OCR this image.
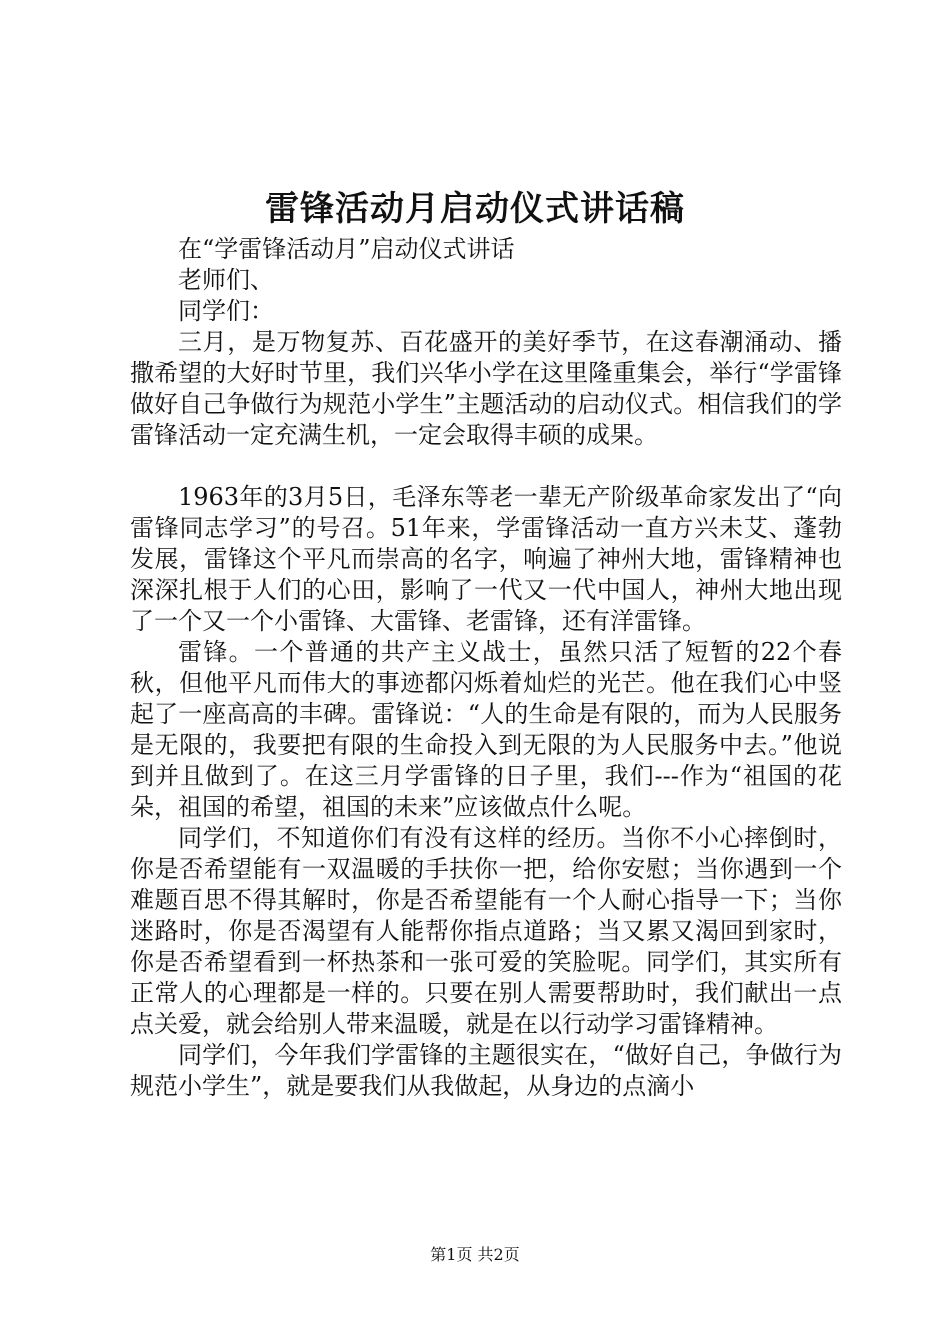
雷锋活动月启动仪式讲话稿

在“学雷锋活动月”启动仪式讲话

老师们、

同学们：

三月，是万物复苏、百花盛开的美好季节，在这春潮涌动、播撒希望的大好时节里，我们兴华小学在这里隆重集会，举行“学雷锋做好自己争做行为规范小学生”主题活动的启动仪式。相信我们的学雷锋活动一定充满生机，一定会取得丰硕的成果。

1963年的3月5日，毛泽东等老一辈无产阶级革命家发出了“向雷锋同志学习”的号召。51年来，学雷锋活动一直方兴未艾、蓬勃发展，雷锋这个平凡而崇高的名字，响遍了神州大地，雷锋精神也深深扎根于人们的心田，影响了一代又一代中国人，神州大地出现了一个又一个小雷锋、大雷锋、老雷锋，还有洋雷锋。

雷锋。一个普通的共产主义战士，虽然只活了短暂的22个春秋，但他平凡而伟大的事迹都闪烁着灿烂的光芒。他在我们心中竖起了一座高高的丰碑。雷锋说：“人的生命是有限的，而为人民服务是无限的，我要把有限的生命投入到无限的为人民服务中去。”他说到并且做到了。在这三月学雷锋的日子里，我们---作为“祖国的花朵，祖国的希望，祖国的未来”应该做点什么呢。

同学们，不知道你们有没有这样的经历。当你不小心摔倒时，你是否希望能有一双温暖的手扶你一把，给你安慰；当你遇到一个难题百思不得其解时，你是否希望能有一个人耐心指导一下；当你迷路时，你是否渴望有人能帮你指点道路；当又累又渴回到家时，你是否希望看到一杯热茶和一张可爱的笑脸呢。同学们，其实所有正常人的心理都是一样的。只要在别人需要帮助时，我们献出一点点关爱，就会给别人带来温暖，就是在以行动学习雷锋精神。

同学们，今年我们学雷锋的主题很实在，“做好自己，争做行为规范小学生”，就是要我们从我做起，从身边的点滴小

第1页 共2页
